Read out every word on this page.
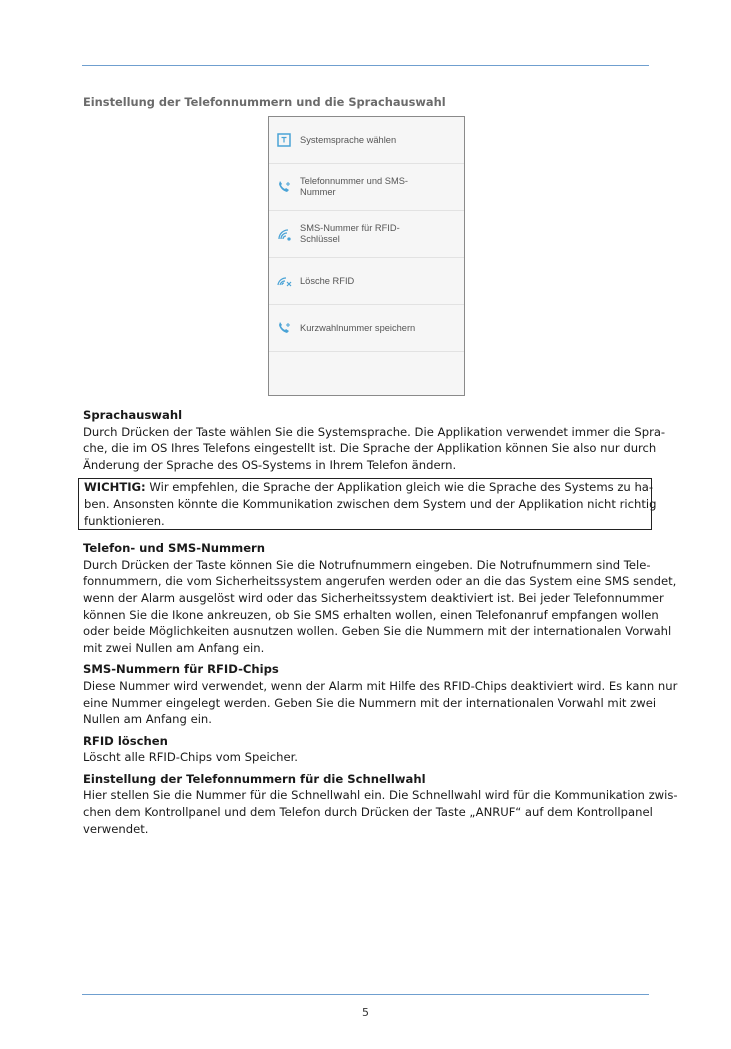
Einstellung der Telefonnummern und die Sprachauswahl
Systemsprache wählen
Telefonnummer und SMS-Nummer
SMS-Nummer für RFID-Schlüssel
Lösche RFID
Kurzwahlnummer speichern
Sprachauswahl
Durch Drücken der Taste wählen Sie die Systemsprache. Die Applikation verwendet immer die Spra-
che, die im OS Ihres Telefons eingestellt ist. Die Sprache der Applikation können Sie also nur durch
Änderung der Sprache des OS-Systems in Ihrem Telefon ändern.
WICHTIG: Wir empfehlen, die Sprache der Applikation gleich wie die Sprache des Systems zu ha-
ben. Ansonsten könnte die Kommunikation zwischen dem System und der Applikation nicht richtig
funktionieren.
Telefon- und SMS-Nummern
Durch Drücken der Taste können Sie die Notrufnummern eingeben. Die Notrufnummern sind Tele-
fonnummern, die vom Sicherheitssystem angerufen werden oder an die das System eine SMS sendet,
wenn der Alarm ausgelöst wird oder das Sicherheitssystem deaktiviert ist. Bei jeder Telefonnummer
können Sie die Ikone ankreuzen, ob Sie SMS erhalten wollen, einen Telefonanruf empfangen wollen
oder beide Möglichkeiten ausnutzen wollen. Geben Sie die Nummern mit der internationalen Vorwahl
mit zwei Nullen am Anfang ein.
SMS-Nummern für RFID-Chips
Diese Nummer wird verwendet, wenn der Alarm mit Hilfe des RFID-Chips deaktiviert wird. Es kann nur
eine Nummer eingelegt werden. Geben Sie die Nummern mit der internationalen Vorwahl mit zwei
Nullen am Anfang ein.
RFID löschen
Löscht alle RFID-Chips vom Speicher.
Einstellung der Telefonnummern für die Schnellwahl
Hier stellen Sie die Nummer für die Schnellwahl ein. Die Schnellwahl wird für die Kommunikation zwis-
chen dem Kontrollpanel und dem Telefon durch Drücken der Taste „ANRUF“ auf dem Kontrollpanel
verwendet.
5
